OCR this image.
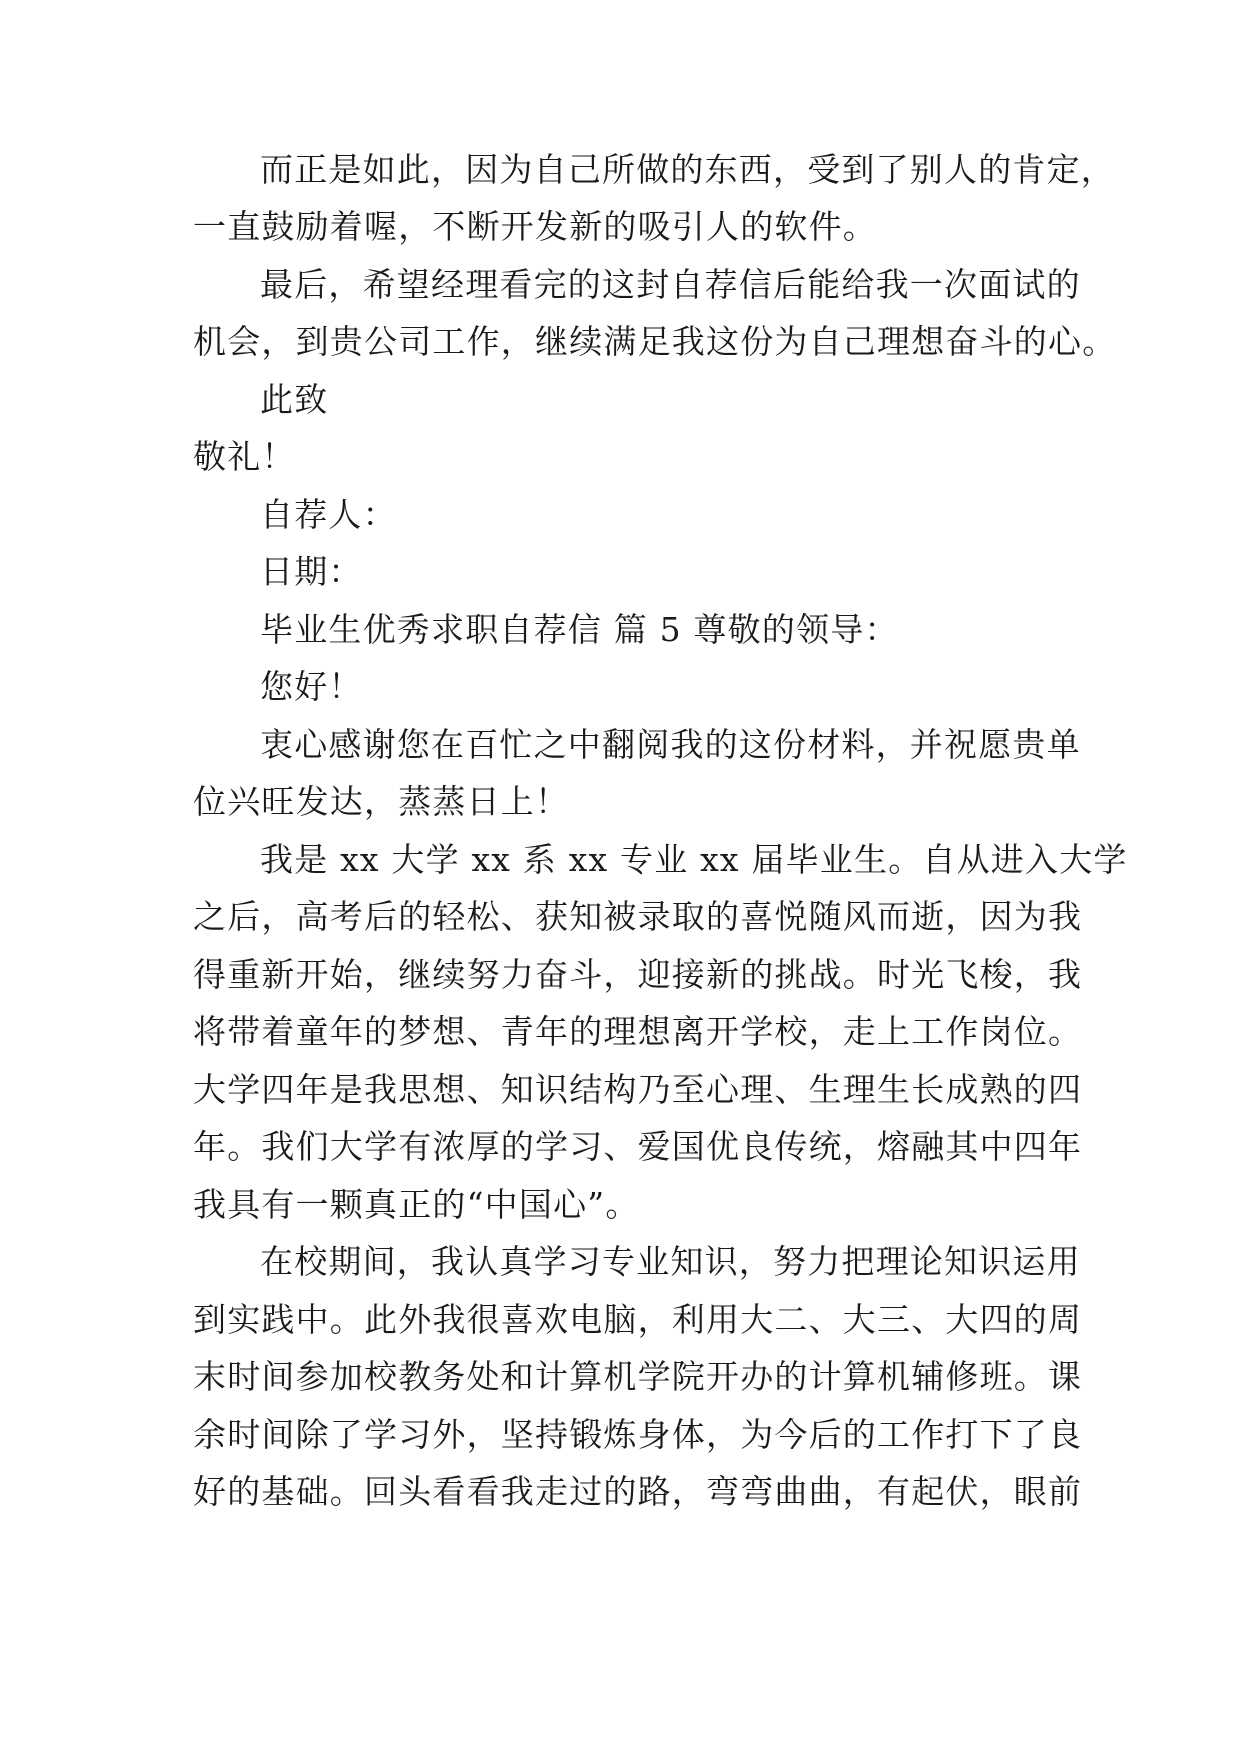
而正是如此，因为自己所做的东西，受到了别人的肯定，
一直鼓励着喔，不断开发新的吸引人的软件。
最后，希望经理看完的这封自荐信后能给我一次面试的
机会，到贵公司工作，继续满足我这份为自己理想奋斗的心。
此致
敬礼！
自荐人：
日期：
毕业生优秀求职自荐信 篇 5 尊敬的领导：
您好！
衷心感谢您在百忙之中翻阅我的这份材料，并祝愿贵单
位兴旺发达，蒸蒸日上！
我是 xx 大学 xx 系 xx 专业 xx 届毕业生。自从进入大学
之后，高考后的轻松、获知被录取的喜悦随风而逝，因为我
得重新开始，继续努力奋斗，迎接新的挑战。时光飞梭，我
将带着童年的梦想、青年的理想离开学校，走上工作岗位。
大学四年是我思想、知识结构乃至心理、生理生长成熟的四
年。我们大学有浓厚的学习、爱国优良传统，熔融其中四年
我具有一颗真正的“中国心”。
在校期间，我认真学习专业知识，努力把理论知识运用
到实践中。此外我很喜欢电脑，利用大二、大三、大四的周
末时间参加校教务处和计算机学院开办的计算机辅修班。课
余时间除了学习外，坚持锻炼身体，为今后的工作打下了良
好的基础。回头看看我走过的路，弯弯曲曲，有起伏，眼前
